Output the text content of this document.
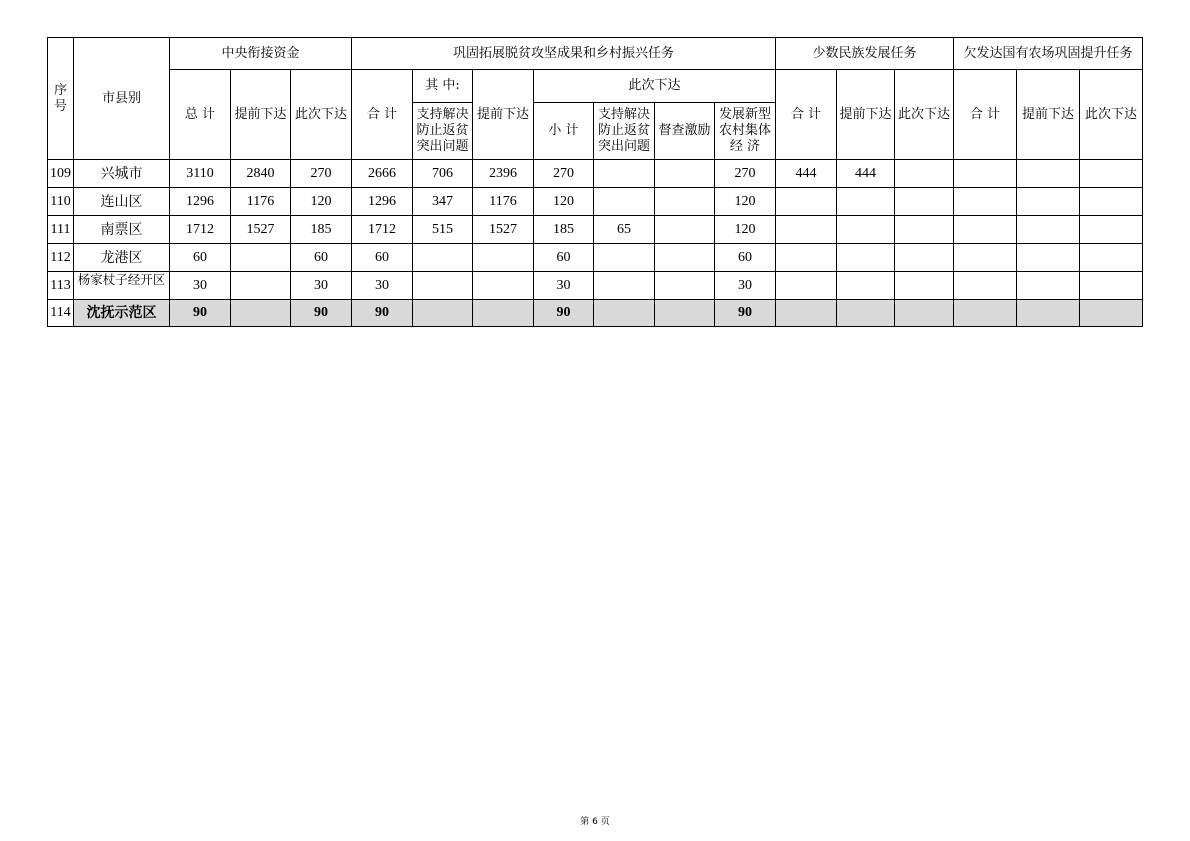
序号	市县别	中央衔接资金			巩固拓展脱贫攻坚成果和乡村振兴任务							少数民族发展任务			欠发达国有农场巩固提升任务		
		总 计	提前下达	此次下达	合 计	其 中:	提前下达	此次下达				合 计	提前下达	此次下达	合 计	提前下达	此次下达
						支持解决防止返贫突出问题		小 计	支持解决防止返贫突出问题	督查激励	发展新型农村集体经 济						

109	兴城市	3110	2840	270	2666	706	2396	270			270	444	444				
110	连山区	1296	1176	120	1296	347	1176	120			120						
111	南票区	1712	1527	185	1712	515	1527	185	65		120						
112	龙港区	60		60	60			60			60						
113	杨家杖子经开区	30		30	30			30			30						
114	沈抚示范区	90		90	90			90			90						
第 6 页
